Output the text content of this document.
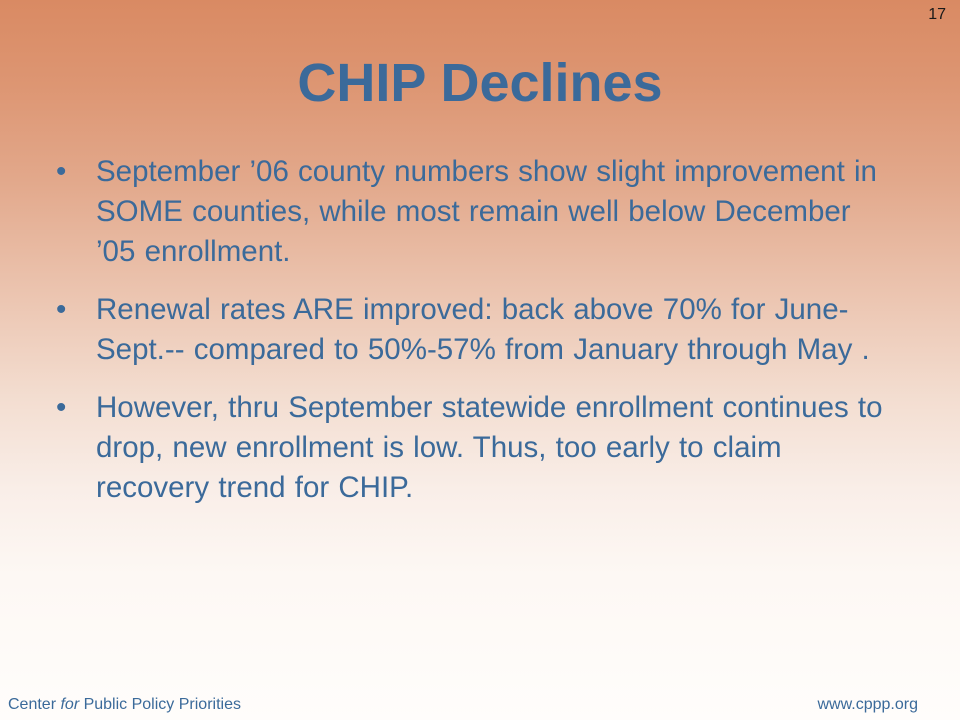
17
CHIP Declines
• September ’06 county numbers show slight improvement in SOME counties, while most remain well below December ’05 enrollment.
• Renewal rates ARE improved: back above 70% for June-Sept.-- compared to 50%-57% from January through May .
• However, thru September statewide enrollment continues to drop, new enrollment is low. Thus, too early to claim recovery trend for CHIP.
Center for Public Policy Priorities	www.cppp.org
